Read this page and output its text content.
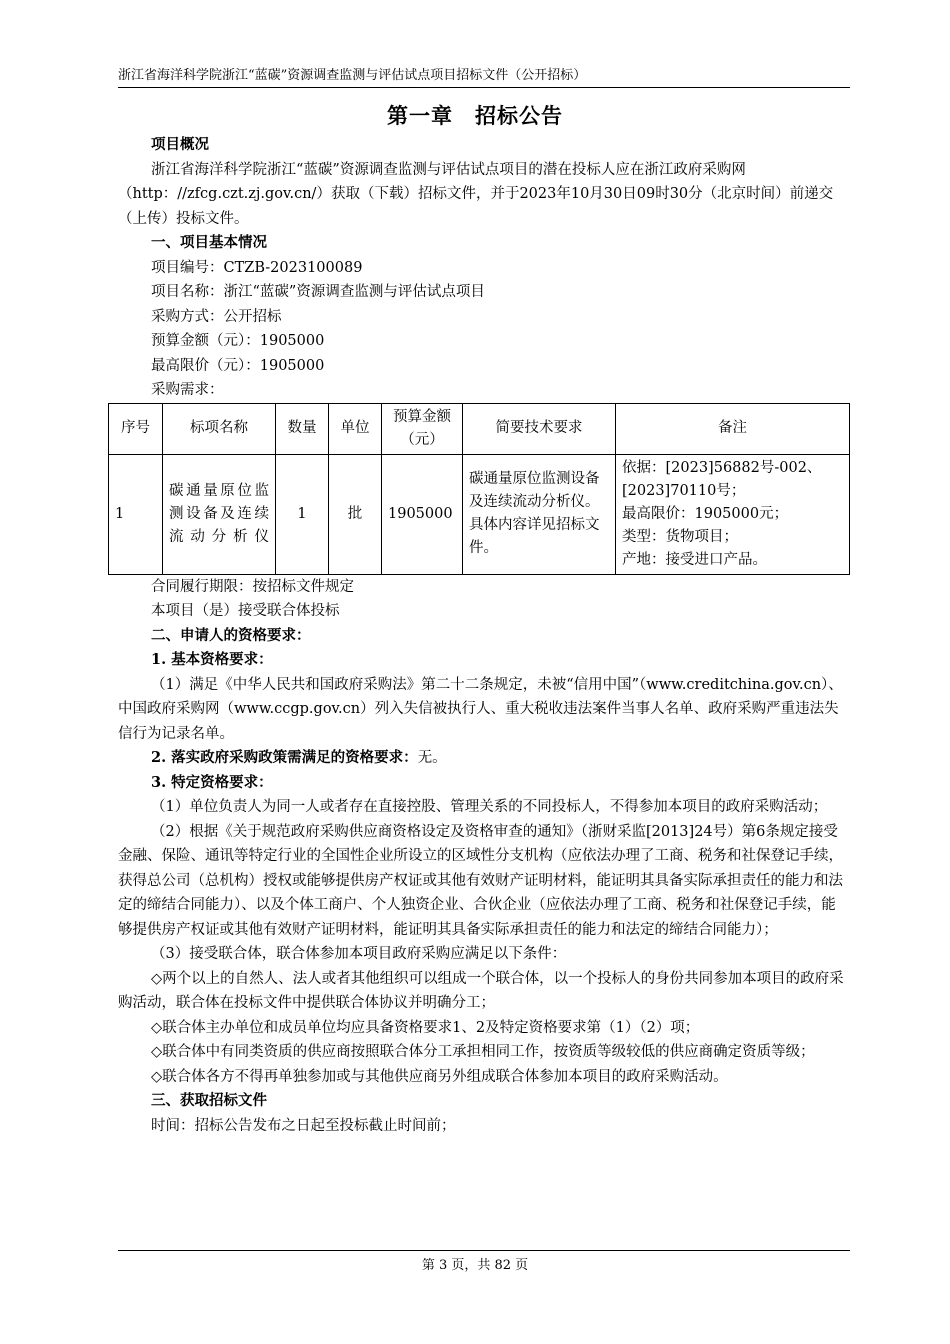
浙江省海洋科学院浙江“蓝碳”资源调查监测与评估试点项目招标文件（公开招标）
第一章　招标公告

项目概况

浙江省海洋科学院浙江“蓝碳”资源调查监测与评估试点项目的潜在投标人应在浙江政府采购网（http：//zfcg.czt.zj.gov.cn/）获取（下载）招标文件，并于2023年10月30日09时30分（北京时间）前递交（上传）投标文件。

一、项目基本情况

项目编号：CTZB-2023100089

项目名称：浙江“蓝碳”资源调查监测与评估试点项目

采购方式：公开招标

预算金额（元）：1905000

最高限价（元）：1905000

采购需求：

序号	标项名称	数量	单位	预算金额（元）	简要技术要求	备注
1	碳通量原位监测设备及连续流动分析仪	1	批	1905000	碳通量原位监测设备及连续流动分析仪。具体内容详见招标文件。	依据：[2023]56882号-002、[2023]70110号；
最高限价：1905000元；
类型：货物项目；
产地：接受进口产品。

合同履行期限：按招标文件规定

本项目（是）接受联合体投标

二、申请人的资格要求：

1. 基本资格要求：

（1）满足《中华人民共和国政府采购法》第二十二条规定，未被“信用中国”（www.creditchina.gov.cn）、中国政府采购网（www.ccgp.gov.cn）列入失信被执行人、重大税收违法案件当事人名单、政府采购严重违法失信行为记录名单。

2. 落实政府采购政策需满足的资格要求：无。

3. 特定资格要求：

（1）单位负责人为同一人或者存在直接控股、管理关系的不同投标人，不得参加本项目的政府采购活动；

（2）根据《关于规范政府采购供应商资格设定及资格审查的通知》（浙财采监[2013]24号）第6条规定接受金融、保险、通讯等特定行业的全国性企业所设立的区域性分支机构（应依法办理了工商、税务和社保登记手续，获得总公司（总机构）授权或能够提供房产权证或其他有效财产证明材料，能证明其具备实际承担责任的能力和法定的缔结合同能力）、以及个体工商户、个人独资企业、合伙企业（应依法办理了工商、税务和社保登记手续，能够提供房产权证或其他有效财产证明材料，能证明其具备实际承担责任的能力和法定的缔结合同能力）；

（3）接受联合体，联合体参加本项目政府采购应满足以下条件：

◇两个以上的自然人、法人或者其他组织可以组成一个联合体，以一个投标人的身份共同参加本项目的政府采购活动，联合体在投标文件中提供联合体协议并明确分工；

◇联合体主办单位和成员单位均应具备资格要求1、2及特定资格要求第（1）（2）项；

◇联合体中有同类资质的供应商按照联合体分工承担相同工作，按资质等级较低的供应商确定资质等级；

◇联合体各方不得再单独参加或与其他供应商另外组成联合体参加本项目的政府采购活动。

三、获取招标文件

时间：招标公告发布之日起至投标截止时间前；

第 3 页，共 82 页
